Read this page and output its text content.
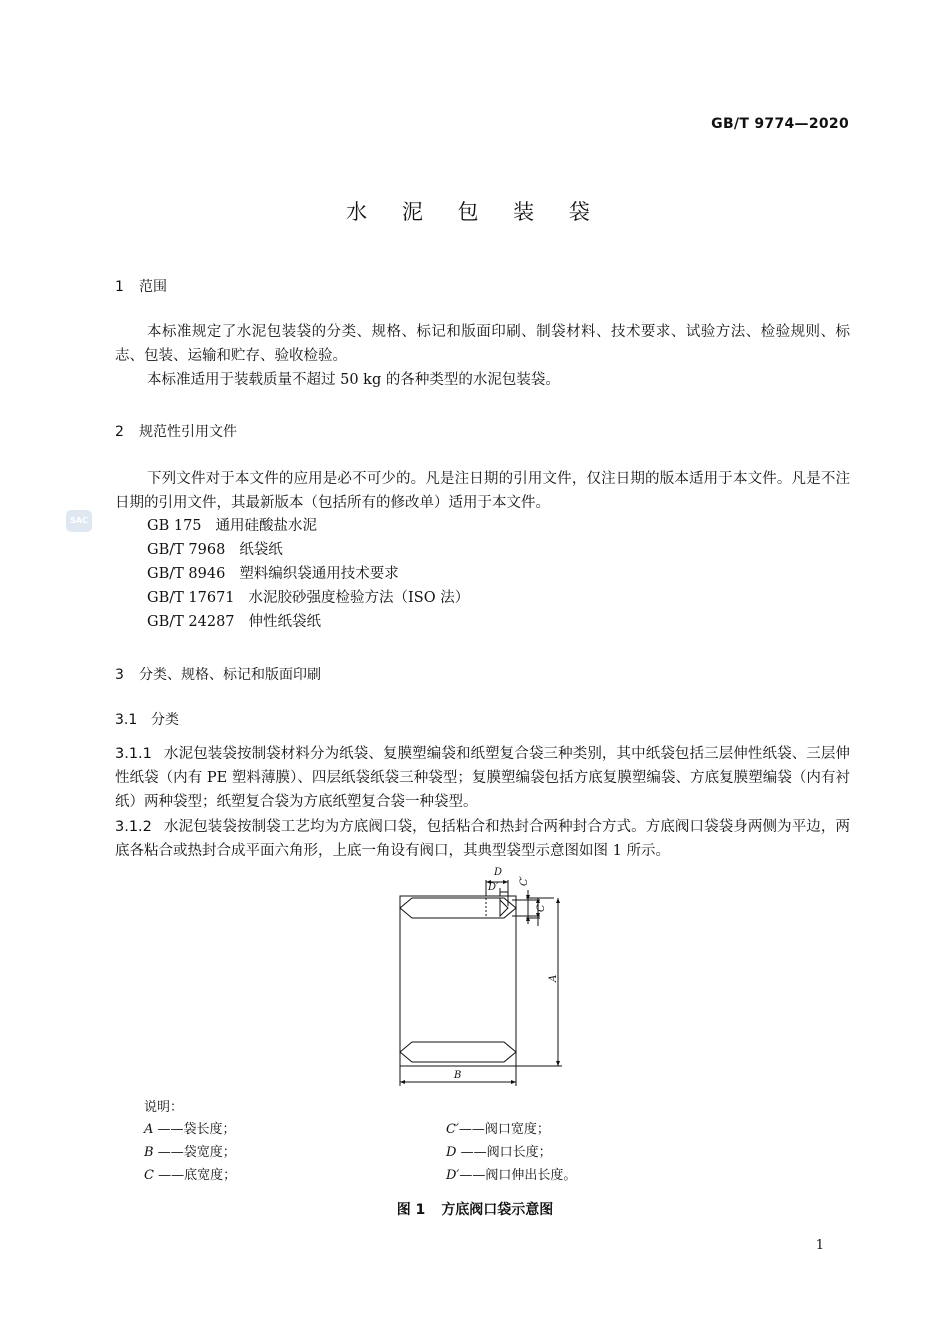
GB/T 9774—2020
水 泥 包 装 袋
1 范围
本标准规定了水泥包装袋的分类、规格、标记和版面印刷、制袋材料、技术要求、试验方法、检验规则、标志、包装、运输和贮存、验收检验。
本标准适用于装载质量不超过 50 kg 的各种类型的水泥包装袋。
2 规范性引用文件
下列文件对于本文件的应用是必不可少的。凡是注日期的引用文件，仅注日期的版本适用于本文件。凡是不注日期的引用文件，其最新版本（包括所有的修改单）适用于本文件。
SAC	GB 175 通用硅酸盐水泥
GB/T 7968 纸袋纸
GB/T 8946 塑料编织袋通用技术要求
GB/T 17671 水泥胶砂强度检验方法（ISO 法）
GB/T 24287 伸性纸袋纸
3 分类、规格、标记和版面印刷
3.1 分类
3.1.1 水泥包装袋按制袋材料分为纸袋、复膜塑编袋和纸塑复合袋三种类别，其中纸袋包括三层伸性纸袋、三层伸性纸袋（内有 PE 塑料薄膜）、四层纸袋纸袋三种袋型；复膜塑编袋包括方底复膜塑编袋、方底复膜塑编袋（内有衬纸）两种袋型；纸塑复合袋为方底纸塑复合袋一种袋型。
3.1.2 水泥包装袋按制袋工艺均为方底阀口袋，包括粘合和热封合两种封合方式。方底阀口袋袋身两侧为平边，两底各粘合或热封合成平面六角形，上底一角设有阀口，其典型袋型示意图如图 1 所示。
D
D′
C′
C
A
B
说明：
A ——袋长度；
B ——袋宽度；
C ——底宽度；
C′——阀口宽度；
D ——阀口长度；
D′——阀口伸出长度。
图 1 方底阀口袋示意图
1
